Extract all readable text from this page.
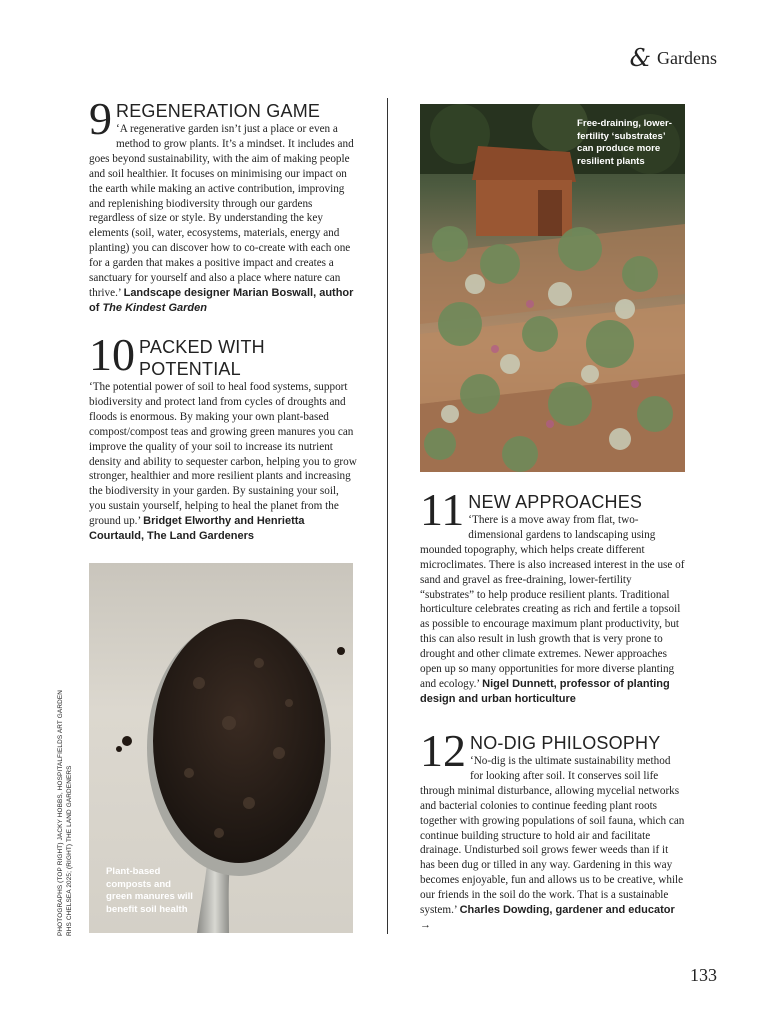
& Gardens
9 REGENERATION GAME

‘A regenerative garden isn’t just a place or even a method to grow plants. It’s a mindset. It includes and goes beyond sustainability, with the aim of making people and soil healthier. It focuses on minimising our impact on the earth while making an active contribution, improving and replenishing biodiversity through our gardens regardless of size or style. By understanding the key elements (soil, water, ecosystems, materials, energy and planting) you can discover how to co-create with each one for a garden that makes a positive impact and creates a sanctuary for yourself and also a place where nature can thrive.’ Landscape designer Marian Boswall, author of The Kindest Garden

10 PACKED WITH POTENTIAL

‘The potential power of soil to heal food systems, support biodiversity and protect land from cycles of droughts and floods is enormous. By making your own plant-based compost/compost teas and growing green manures you can improve the quality of your soil to increase its nutrient density and ability to sequester carbon, helping you to grow stronger, healthier and more resilient plants and increasing the biodiversity in your garden. By sustaining your soil, you sustain yourself, helping to heal the planet from the ground up.’ Bridget Elworthy and Henrietta Courtauld, The Land Gardeners

Free-draining, lower-fertility ‘substrates’ can produce more resilient plants
11 NEW APPROACHES

‘There is a move away from flat, two-dimensional gardens to landscaping using mounded topography, which helps create different microclimates. There is also increased interest in the use of sand and gravel as free-draining, lower-fertility “substrates” to help produce resilient plants. Traditional horticulture celebrates creating as rich and fertile a topsoil as possible to encourage maximum plant productivity, but this can also result in lush growth that is very prone to drought and other climate extremes. Newer approaches open up so many opportunities for more diverse planting and ecology.’ Nigel Dunnett, professor of planting design and urban horticulture

12 NO-DIG PHILOSOPHY

‘No-dig is the ultimate sustainability method for looking after soil. It conserves soil life through minimal disturbance, allowing mycelial networks and bacterial colonies to continue feeding plant roots together with growing populations of soil fauna, which can continue building structure to hold air and facilitate drainage. Undisturbed soil grows fewer weeds than if it has been dug or tilled in any way. Gardening in this way becomes enjoyable, fun and allows us to be creative, while our friends in the soil do the work. That is a sustainable system.’ Charles Dowding, gardener and educator →

Plant-based composts and green manures will benefit soil health
PHOTOGRAPHS (TOP RIGHT) JACKY HOBBS, HOSPITALFIELDS ART GARDEN RHS CHELSEA 2025; (RIGHT) THE LAND GARDENERS
133
